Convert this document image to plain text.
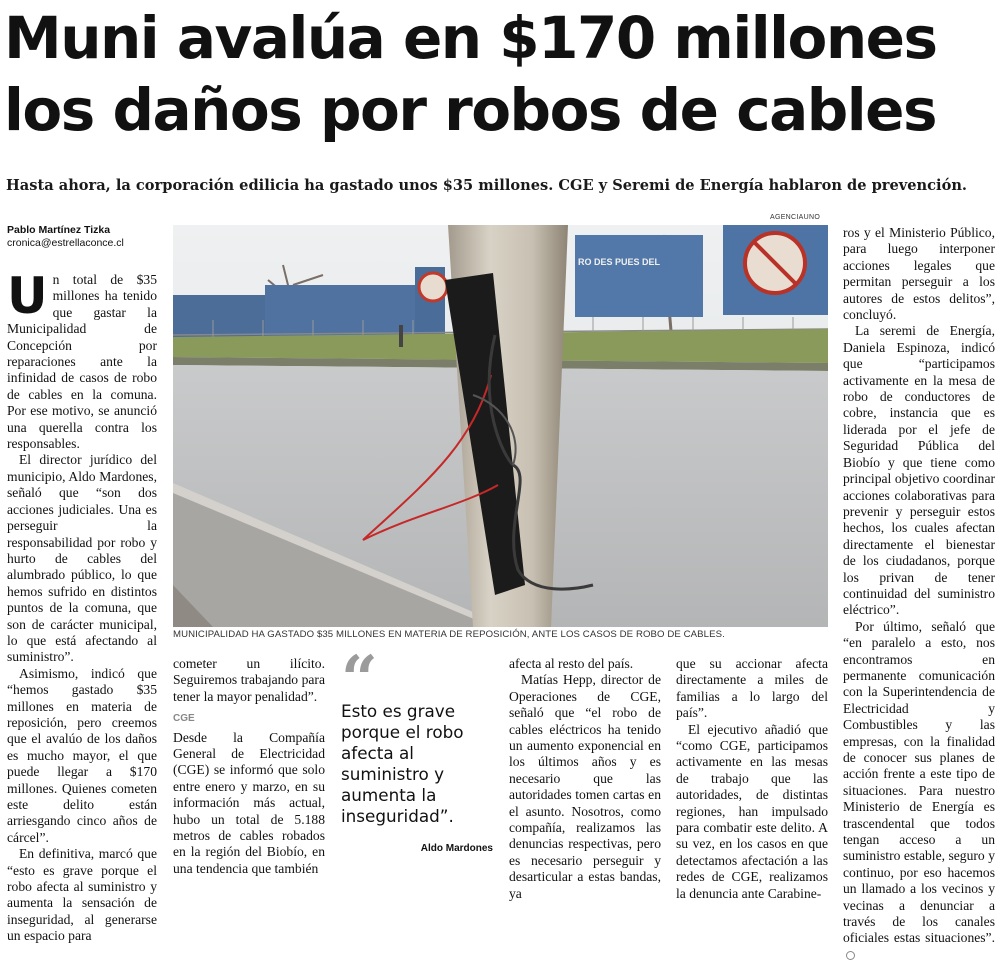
Muni avalúa en $170 millones
los daños por robos de cables
Hasta ahora, la corporación edilicia ha gastado unos $35 millones. CGE y Seremi de Energía hablaron de prevención.
Pablo Martínez Tizka
cronica@estrellaconce.cl
AGENCIAUNO
RO DES PUES DEL
MUNICIPALIDAD HA GASTADO $35 MILLONES EN MATERIA DE REPOSICIÓN, ANTE LOS CASOS DE ROBO DE CABLES.
U n total de $35 millones ha tenido que gastar la Municipalidad de Concepción por reparaciones ante la infinidad de casos de robo de cables en la comuna. Por ese motivo, se anunció una querella contra los responsables.

El director jurídico del municipio, Aldo Mardones, señaló que “son dos acciones judiciales. Una es perseguir la responsabilidad por robo y hurto de cables del alumbrado público, lo que hemos sufrido en distintos puntos de la comuna, que son de carácter municipal, lo que está afectando al suministro”.

Asimismo, indicó que “hemos gastado $35 millones en materia de reposición, pero creemos que el avalúo de los daños es mucho mayor, el que puede llegar a $170 millones. Quienes cometen este delito están arriesgando cinco años de cárcel”.

En definitiva, marcó que “esto es grave porque el robo afecta al suministro y aumenta la sensación de inseguridad, al generarse un espacio para

cometer un ilícito. Seguiremos trabajando para tener la mayor penalidad”.

CGE

Desde la Compañía General de Electricidad (CGE) se informó que solo entre enero y marzo, en su información más actual, hubo un total de 5.188 metros de cables robados en la región del Biobío, en una tendencia que también

“
Esto es grave porque el robo afecta al suministro y aumenta la inseguridad”.
Aldo Mardones

afecta al resto del país.

Matías Hepp, director de Operaciones de CGE, señaló que “el robo de cables eléctricos ha tenido un aumento exponencial en los últimos años y es necesario que las autoridades tomen cartas en el asunto. Nosotros, como compañía, realizamos las denuncias respectivas, pero es necesario perseguir y desarticular a estas bandas, ya

que su accionar afecta directamente a miles de familias a lo largo del país”.

El ejecutivo añadió que “como CGE, participamos activamente en las mesas de trabajo que las autoridades, de distintas regiones, han impulsado para combatir este delito. A su vez, en los casos en que detectamos afectación a las redes de CGE, realizamos la denuncia ante Carabine-

ros y el Ministerio Público, para luego interponer acciones legales que permitan perseguir a los autores de estos delitos”, concluyó.

La seremi de Energía, Daniela Espinoza, indicó que “participamos activamente en la mesa de robo de conductores de cobre, instancia que es liderada por el jefe de Seguridad Pública del Biobío y que tiene como principal objetivo coordinar acciones colaborativas para prevenir y perseguir estos hechos, los cuales afectan directamente el bienestar de los ciudadanos, porque los privan de tener continuidad del suministro eléctrico”.

Por último, señaló que “en paralelo a esto, nos encontramos en permanente comunicación con la Superintendencia de Electricidad y Combustibles y las empresas, con la finalidad de conocer sus planes de acción frente a este tipo de situaciones. Para nuestro Ministerio de Energía es trascendental que todos tengan acceso a un suministro estable, seguro y continuo, por eso hacemos un llamado a los vecinos y vecinas a denunciar a través de los canales oficiales estas situaciones”.
